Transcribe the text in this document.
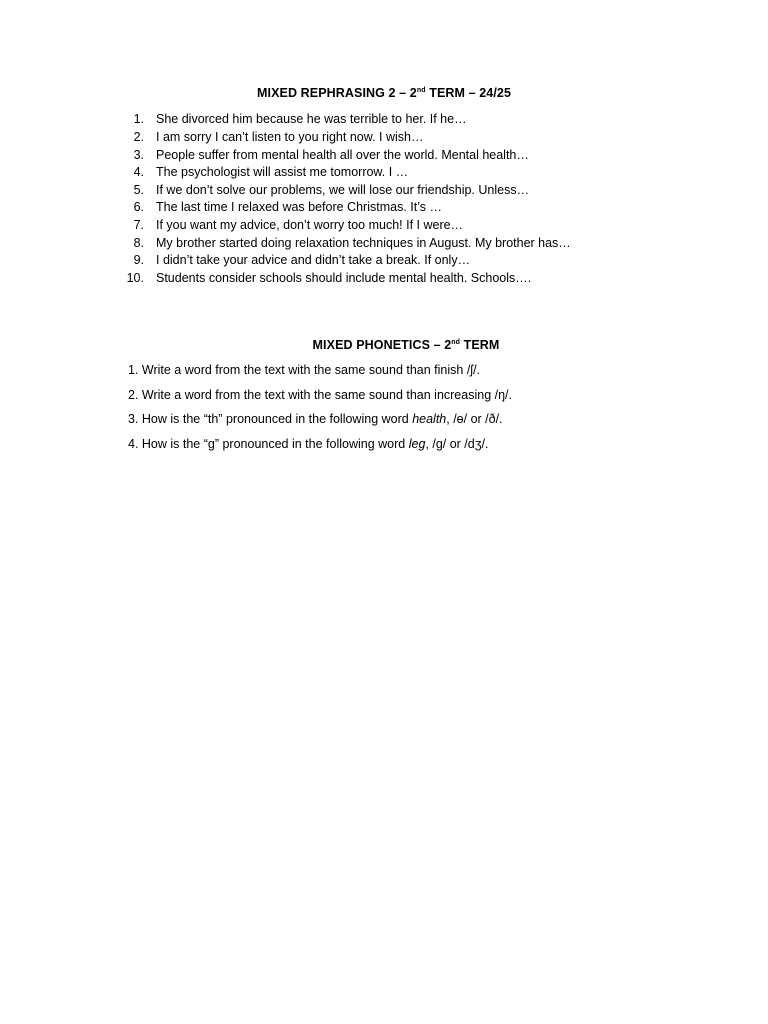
MIXED REPHRASING 2 – 2nd TERM – 24/25
1. She divorced him because he was terrible to her. If he…
2. I am sorry I can’t listen to you right now. I wish…
3. People suffer from mental health all over the world. Mental health…
4. The psychologist will assist me tomorrow. I …
5. If we don’t solve our problems, we will lose our friendship. Unless…
6. The last time I relaxed was before Christmas. It’s …
7. If you want my advice, don’t worry too much! If I were…
8. My brother started doing relaxation techniques in August. My brother has…
9. I didn’t take your advice and didn’t take a break. If only…
10. Students consider schools should include mental health. Schools….
MIXED PHONETICS – 2nd TERM
1. Write a word from the text with the same sound than finish /ʃ/.
2. Write a word from the text with the same sound than increasing /ŋ/.
3. How is the “th” pronounced in the following word health, /ɵ/ or /ð/.
4. How is the “g” pronounced in the following word leg, /g/ or /dʒ/.
